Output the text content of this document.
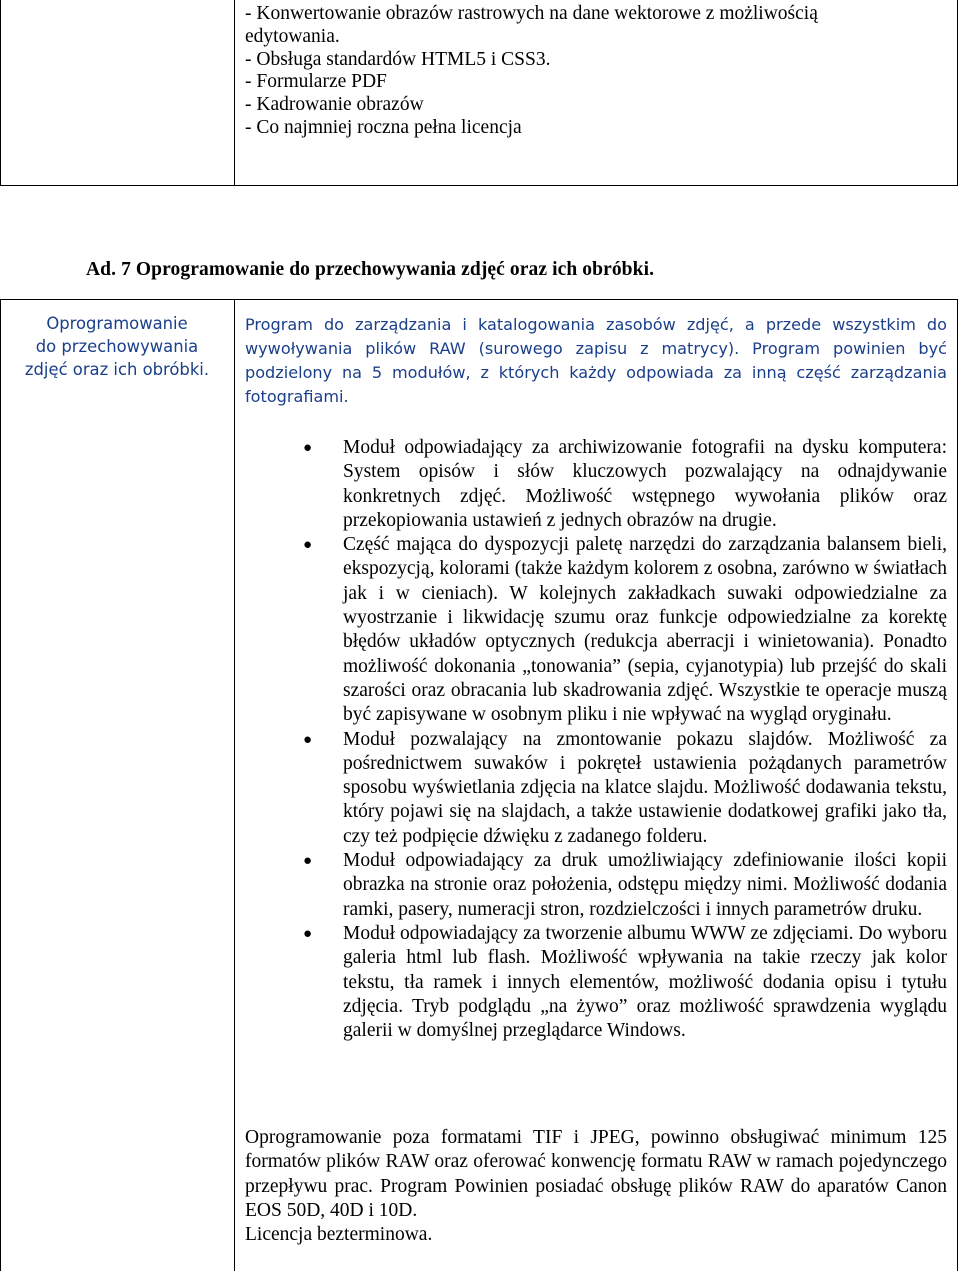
- Konwertowanie obrazów rastrowych na dane wektorowe z możliwością
edytowania.
- Obsługa standardów HTML5 i CSS3.
- Formularze PDF
- Kadrowanie obrazów
- Co najmniej roczna pełna licencja
Ad. 7 Oprogramowanie do przechowywania zdjęć oraz ich obróbki.
Oprogramowanie
do przechowywania
zdjęć oraz ich obróbki.
Program do zarządzania i katalogowania zasobów zdjęć, a przede wszystkim do wywoływania plików RAW (surowego zapisu z matrycy). Program powinien być podzielony na 5 modułów, z których każdy odpowiada za inną część zarządzania fotografiami.
● Moduł odpowiadający za archiwizowanie fotografii na dysku komputera: System opisów i słów kluczowych pozwalający na odnajdywanie konkretnych zdjęć. Możliwość wstępnego wywołania plików oraz przekopiowania ustawień z jednych obrazów na drugie.
● Część mająca do dyspozycji paletę narzędzi do zarządzania balansem bieli, ekspozycją, kolorami (także każdym kolorem z osobna, zarówno w światłach jak i w cieniach). W kolejnych zakładkach suwaki odpowiedzialne za wyostrzanie i likwidację szumu oraz funkcje odpowiedzialne za korektę błędów układów optycznych (redukcja aberracji i winietowania). Ponadto możliwość dokonania „tonowania” (sepia, cyjanotypia) lub przejść do skali szarości oraz obracania lub skadrowania zdjęć. Wszystkie te operacje muszą być zapisywane w osobnym pliku i nie wpływać na wygląd oryginału.
● Moduł pozwalający na zmontowanie pokazu slajdów. Możliwość za pośrednictwem suwaków i pokręteł ustawienia pożądanych parametrów sposobu wyświetlania zdjęcia na klatce slajdu. Możliwość dodawania tekstu, który pojawi się na slajdach, a także ustawienie dodatkowej grafiki jako tła, czy też podpięcie dźwięku z zadanego folderu.
● Moduł odpowiadający za druk umożliwiający zdefiniowanie ilości kopii obrazka na stronie oraz położenia, odstępu między nimi. Możliwość dodania ramki, pasery, numeracji stron, rozdzielczości i innych parametrów druku.
● Moduł odpowiadający za tworzenie albumu WWW ze zdjęciami. Do wyboru galeria html lub flash. Możliwość wpływania na takie rzeczy jak kolor tekstu, tła ramek i innych elementów, możliwość dodania opisu i tytułu zdjęcia. Tryb podglądu „na żywo” oraz możliwość sprawdzenia wyglądu galerii w domyślnej przeglądarce Windows.

Oprogramowanie poza formatami TIF i JPEG, powinno obsługiwać minimum 125 formatów plików RAW oraz oferować konwencję formatu RAW w ramach pojedynczego przepływu prac. Program Powinien posiadać obsługę plików RAW do aparatów Canon EOS 50D, 40D i 10D.

Licencja bezterminowa.
